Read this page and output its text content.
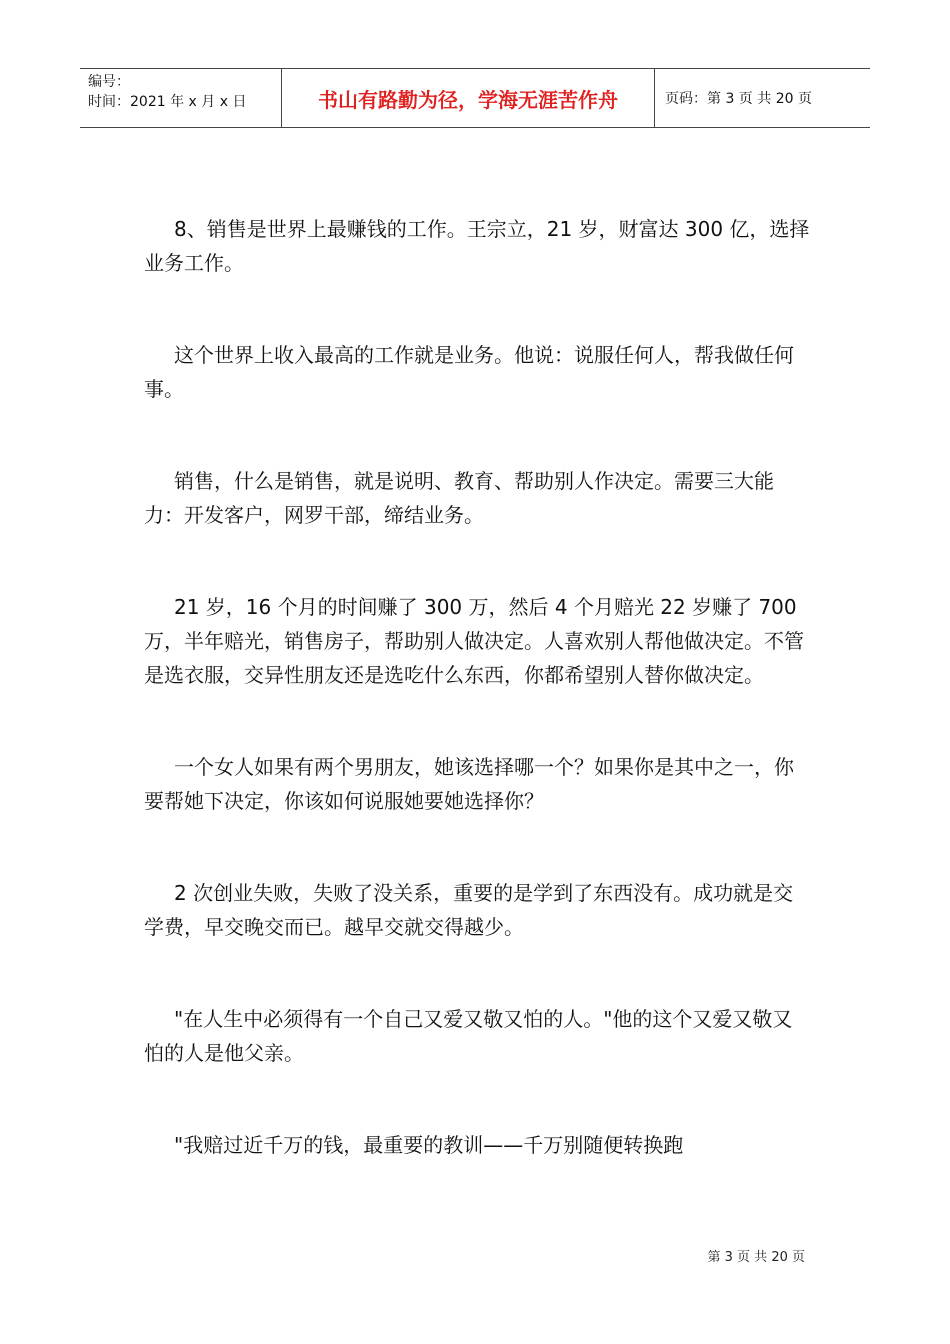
编号：
时间：2021 年 x 月 x 日	书山有路勤为径，学海无涯苦作舟	页码：第 3 页 共 20 页

8、销售是世界上最赚钱的工作。王宗立，21 岁，财富达 300 亿，选择业务工作。

这个世界上收入最高的工作就是业务。他说：说服任何人，帮我做任何事。

销售，什么是销售，就是说明、教育、帮助别人作决定。需要三大能力：开发客户，网罗干部，缔结业务。

21 岁，16 个月的时间赚了 300 万，然后 4 个月赔光 22 岁赚了 700 万，半年赔光，销售房子，帮助别人做决定。人喜欢别人帮他做决定。不管是选衣服，交异性朋友还是选吃什么东西，你都希望别人替你做决定。

一个女人如果有两个男朋友，她该选择哪一个？如果你是其中之一，你要帮她下决定，你该如何说服她要她选择你？

2 次创业失败，失败了没关系，重要的是学到了东西没有。成功就是交学费，早交晚交而已。越早交就交得越少。

"在人生中必须得有一个自己又爱又敬又怕的人。"他的这个又爱又敬又怕的人是他父亲。

"我赔过近千万的钱，最重要的教训——千万别随便转换跑

第 3 页 共 20 页
